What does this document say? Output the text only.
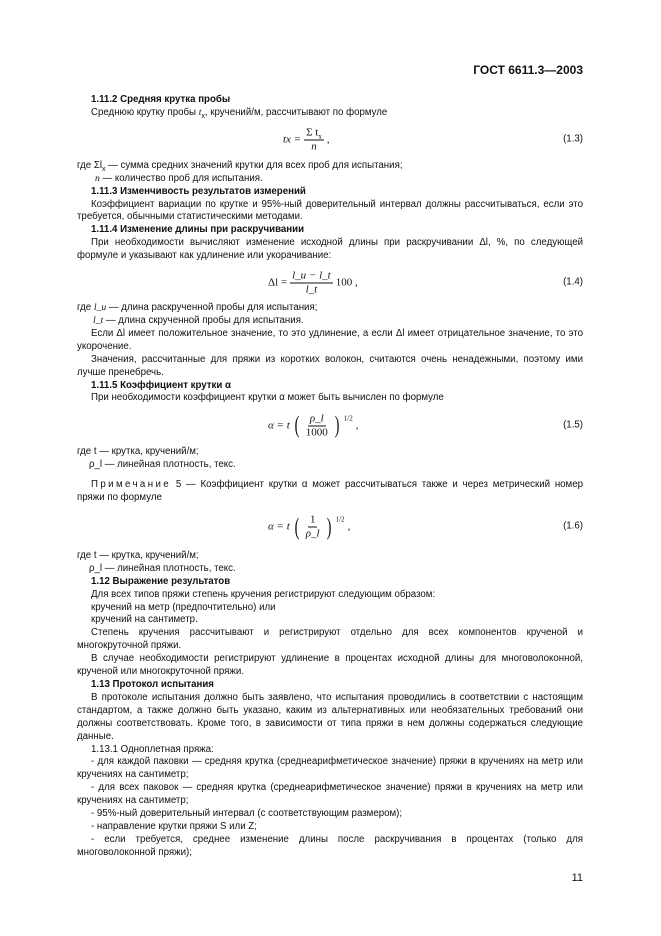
ГОСТ 6611.3—2003
1.11.2 Средняя крутка пробы
Среднюю крутку пробы $t_x$, кручений/м, рассчитывают по формуле
tx = $\frac{\Sigma t_x}{n}$ ,	(1.3)
где $\Sigma l_x$ — сумма средних значений крутки для всех проб для испытания;
n — количество проб для испытания.
1.11.3 Изменчивость результатов измерений
Коэффициент вариации по крутке и 95%-ный доверительный интервал должны рассчитываться, если это требуется, обычными статистическими методами.
1.11.4 Изменение длины при раскручивании
При необходимости вычисляют изменение исходной длины при раскручивании Δl, %, по следующей формуле и указывают как удлинение или укорачивание:
$\Delta l = \frac{l\_u - l\_t}{l\_t} 100$ ,	(1.4)
где l_u — длина раскрученной пробы для испытания;
l_t — длина скрученной пробы для испытания.
Если Δl имеет положительное значение, то это удлинение, а если Δl имеет отрицательное значение, то это укорочение.
Значения, рассчитанные для пряжи из коротких волокон, считаются очень ненадежными, поэтому ими лучше пренебречь.
1.11.5 Коэффициент крутки α
При необходимости коэффициент крутки α может быть вычислен по формуле
α = t ( $\frac{\rho\_l}{1000}$ ) $^{1/2}$
,	(1.5)
где t — крутка, кручений/м;
ρ_l — линейная плотность, текс.
Примечание 5 — Коэффициент крутки α может рассчитываться также и через метрический номер пряжи по формуле
α = t ( $\frac{1}{\rho\_l}$ ) $^{1/2}$
,	(1.6)
где t — крутка, кручений/м;
ρ_l — линейная плотность, текс.
1.12 Выражение результатов
Для всех типов пряжи степень кручения регистрируют следующим образом:
кручений на метр (предпочтительно) или
кручений на сантиметр.
Степень кручения рассчитывают и регистрируют отдельно для всех компонентов крученой и многокруточной пряжи.
В случае необходимости регистрируют удлинение в процентах исходной длины для многоволоконной, крученой или многокруточной пряжи.
1.13 Протокол испытания
В протоколе испытания должно быть заявлено, что испытания проводились в соответствии с настоящим стандартом, а также должно быть указано, каким из альтернативных или необязательных требований они должны соответствовать. Кроме того, в зависимости от типа пряжи в нем должны содержаться следующие данные.
1.13.1 Одноплетная пряжа:
- для каждой паковки — средняя крутка (среднеарифметическое значение) пряжи в кручениях на метр или кручениях на сантиметр;
- для всех паковок — средняя крутка (среднеарифметическое значение) пряжи в кручениях на метр или кручениях на сантиметр;
- 95%-ный доверительный интервал (с соответствующим размером);
- направление крутки пряжи S или Z;
- если требуется, среднее изменение длины после раскручивания в процентах (только для многоволоконной пряжи);
11
